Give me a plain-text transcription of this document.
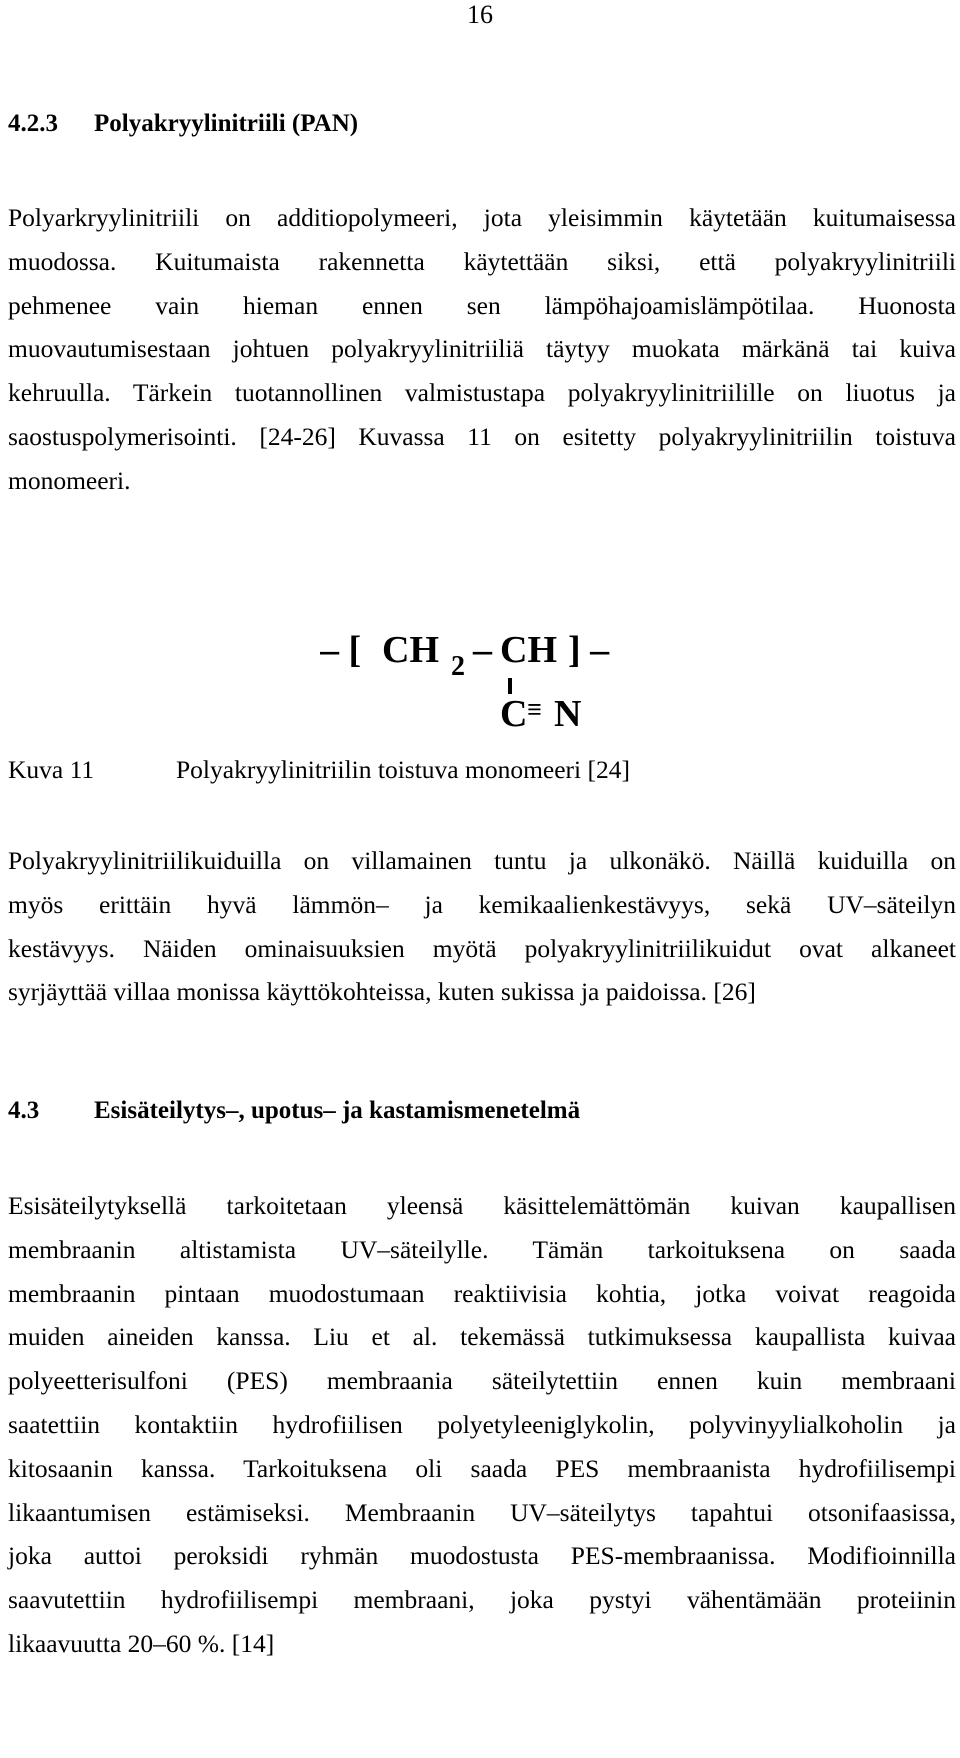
16
4.2.3 Polyakryylinitriili (PAN)
Polyarkryylinitriili on additiopolymeeri, jota yleisimmin käytetään kuitumaisessa
muodossa. Kuitumaista rakennetta käytettään siksi, että polyakryylinitriili
pehmenee vain hieman ennen sen lämpöhajoamislämpötilaa. Huonosta
muovautumisestaan johtuen polyakryylinitriiliä täytyy muokata märkänä tai kuiva
kehruulla. Tärkein tuotannollinen valmistustapa polyakryylinitriilille on liuotus ja
saostuspolymerisointi. [24-26] Kuvassa 11 on esitetty polyakryylinitriilin toistuva
monomeeri.
– [ CH 2 – CH ] –
C ≡ N
Kuva 11	Polyakryylinitriilin toistuva monomeeri [24]
Polyakryylinitriilikuiduilla on villamainen tuntu ja ulkonäkö. Näillä kuiduilla on
myös erittäin hyvä lämmön– ja kemikaalienkestävyys, sekä UV–säteilyn
kestävyys. Näiden ominaisuuksien myötä polyakryylinitriilikuidut ovat alkaneet
syrjäyttää villaa monissa käyttökohteissa, kuten sukissa ja paidoissa. [26]
4.3 Esisäteilytys–, upotus– ja kastamismenetelmä
Esisäteilytyksellä tarkoitetaan yleensä käsittelemättömän kuivan kaupallisen
membraanin altistamista UV–säteilylle. Tämän tarkoituksena on saada
membraanin pintaan muodostumaan reaktiivisia kohtia, jotka voivat reagoida
muiden aineiden kanssa. Liu et al. tekemässä tutkimuksessa kaupallista kuivaa
polyeetterisulfoni (PES) membraania säteilytettiin ennen kuin membraani
saatettiin kontaktiin hydrofiilisen polyetyleeniglykolin, polyvinyylialkoholin ja
kitosaanin kanssa. Tarkoituksena oli saada PES membraanista hydrofiilisempi
likaantumisen estämiseksi. Membraanin UV–säteilytys tapahtui otsonifaasissa,
joka auttoi peroksidi ryhmän muodostusta PES-membraanissa. Modifioinnilla
saavutettiin hydrofiilisempi membraani, joka pystyi vähentämään proteiinin
likaavuutta 20–60 %. [14]
